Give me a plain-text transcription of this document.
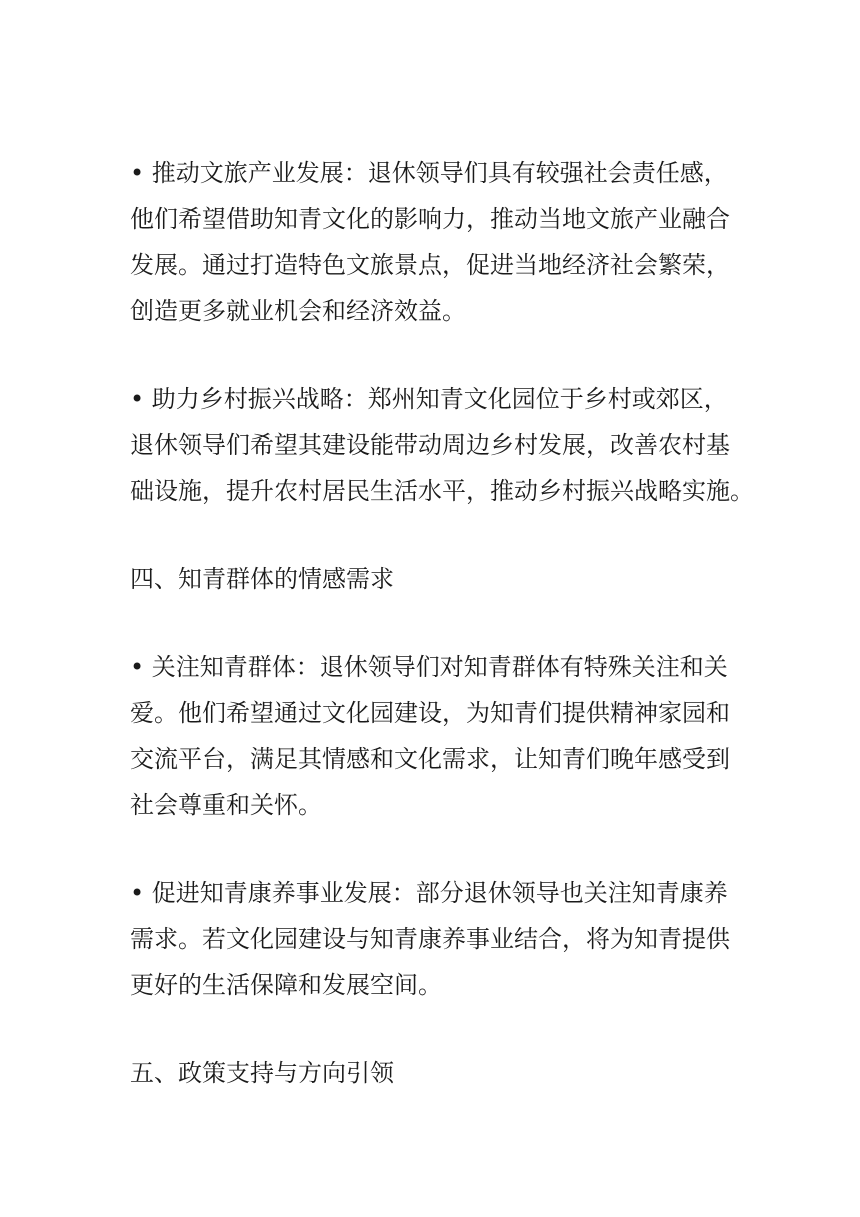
• 推动文旅产业发展：退休领导们具有较强社会责任感，
他们希望借助知青文化的影响力，推动当地文旅产业融合
发展。通过打造特色文旅景点，促进当地经济社会繁荣，
创造更多就业机会和经济效益。
• 助力乡村振兴战略：郑州知青文化园位于乡村或郊区，
退休领导们希望其建设能带动周边乡村发展，改善农村基
础设施，提升农村居民生活水平，推动乡村振兴战略实施。
四、知青群体的情感需求
• 关注知青群体：退休领导们对知青群体有特殊关注和关
爱。他们希望通过文化园建设，为知青们提供精神家园和
交流平台，满足其情感和文化需求，让知青们晚年感受到
社会尊重和关怀。
• 促进知青康养事业发展：部分退休领导也关注知青康养
需求。若文化园建设与知青康养事业结合，将为知青提供
更好的生活保障和发展空间。
五、政策支持与方向引领
